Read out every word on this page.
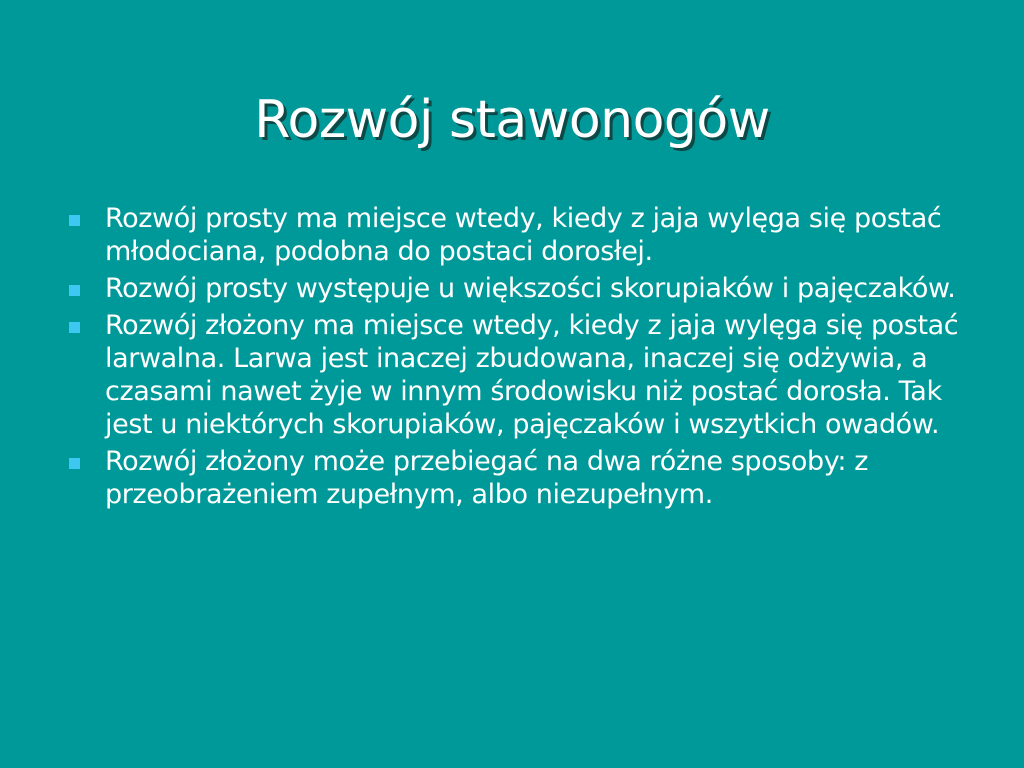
Rozwój stawonogów
Rozwój prosty ma miejsce wtedy, kiedy z jaja wylęga się postać młodociana, podobna do postaci dorosłej.
Rozwój prosty występuje u większości skorupiaków i pajęczaków.
Rozwój złożony ma miejsce wtedy, kiedy z jaja wylęga się postać larwalna. Larwa jest inaczej zbudowana, inaczej się odżywia, a czasami nawet żyje w innym środowisku niż postać dorosła. Tak jest u niektórych skorupiaków, pajęczaków i wszytkich owadów.
Rozwój złożony może przebiegać na dwa różne sposoby: z przeobrażeniem zupełnym, albo niezupełnym.
